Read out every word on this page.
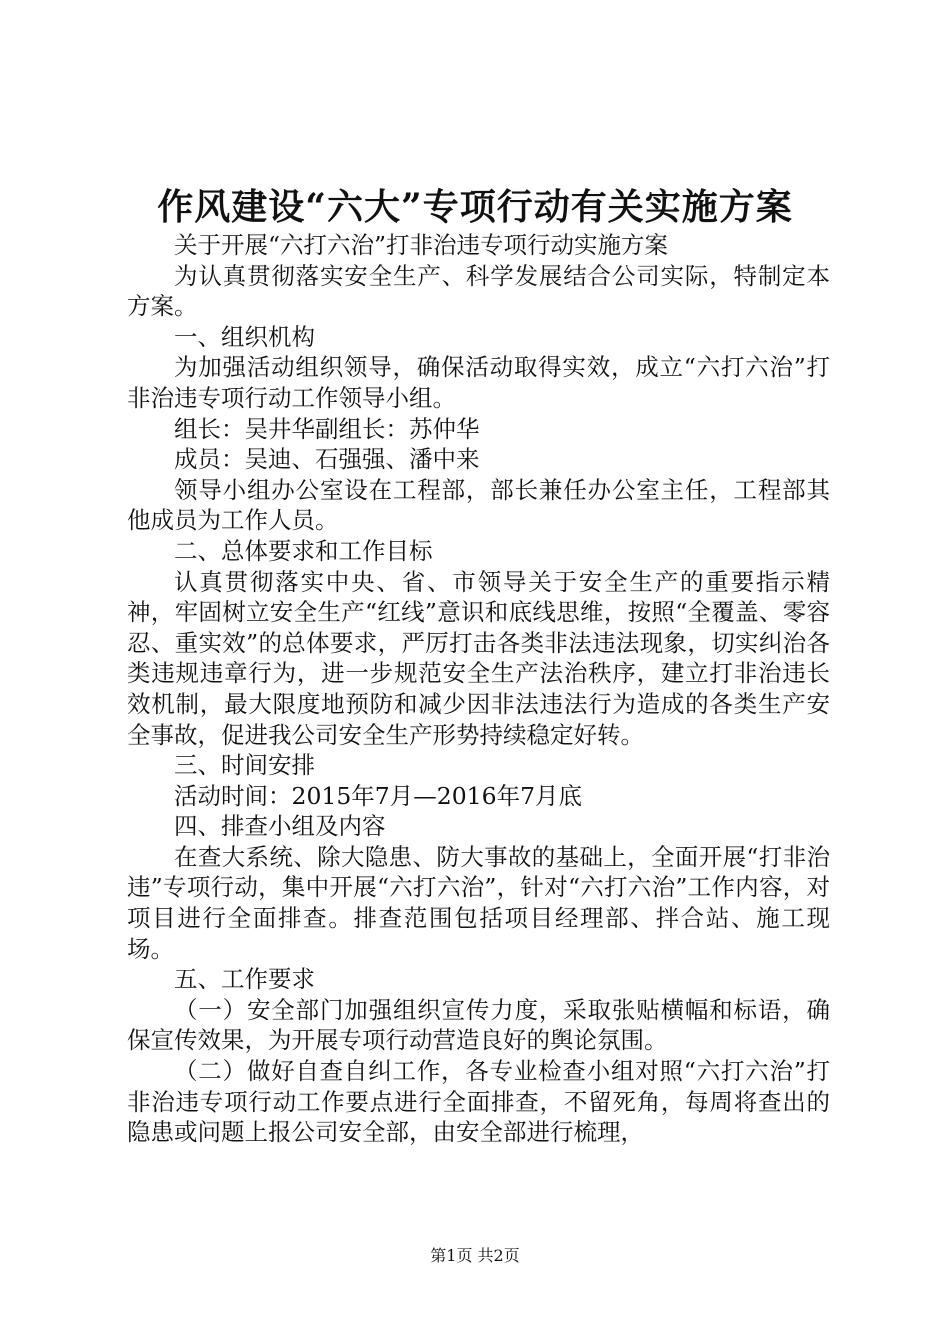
作风建设“六大”专项行动有关实施方案

关于开展“六打六治”打非治违专项行动实施方案

为认真贯彻落实安全生产、科学发展结合公司实际，特制定本方案。

一、组织机构

为加强活动组织领导，确保活动取得实效，成立“六打六治”打非治违专项行动工作领导小组。

组长：吴井华副组长：苏仲华

成员：吴迪、石强强、潘中来

领导小组办公室设在工程部，部长兼任办公室主任，工程部其他成员为工作人员。

二、总体要求和工作目标

认真贯彻落实中央、省、市领导关于安全生产的重要指示精神，牢固树立安全生产“红线”意识和底线思维，按照“全覆盖、零容忍、重实效”的总体要求，严厉打击各类非法违法现象，切实纠治各类违规违章行为，进一步规范安全生产法治秩序，建立打非治违长效机制，最大限度地预防和减少因非法违法行为造成的各类生产安全事故，促进我公司安全生产形势持续稳定好转。

三、时间安排

活动时间：2015年7月—2016年7月底

四、排查小组及内容

在查大系统、除大隐患、防大事故的基础上，全面开展“打非治违”专项行动，集中开展“六打六治”，针对“六打六治”工作内容，对项目进行全面排查。排查范围包括项目经理部、拌合站、施工现场。

五、工作要求

（一）安全部门加强组织宣传力度，采取张贴横幅和标语，确保宣传效果，为开展专项行动营造良好的舆论氛围。

（二）做好自查自纠工作，各专业检查小组对照“六打六治”打非治违专项行动工作要点进行全面排查，不留死角，每周将查出的隐患或问题上报公司安全部，由安全部进行梳理，

第1页 共2页
